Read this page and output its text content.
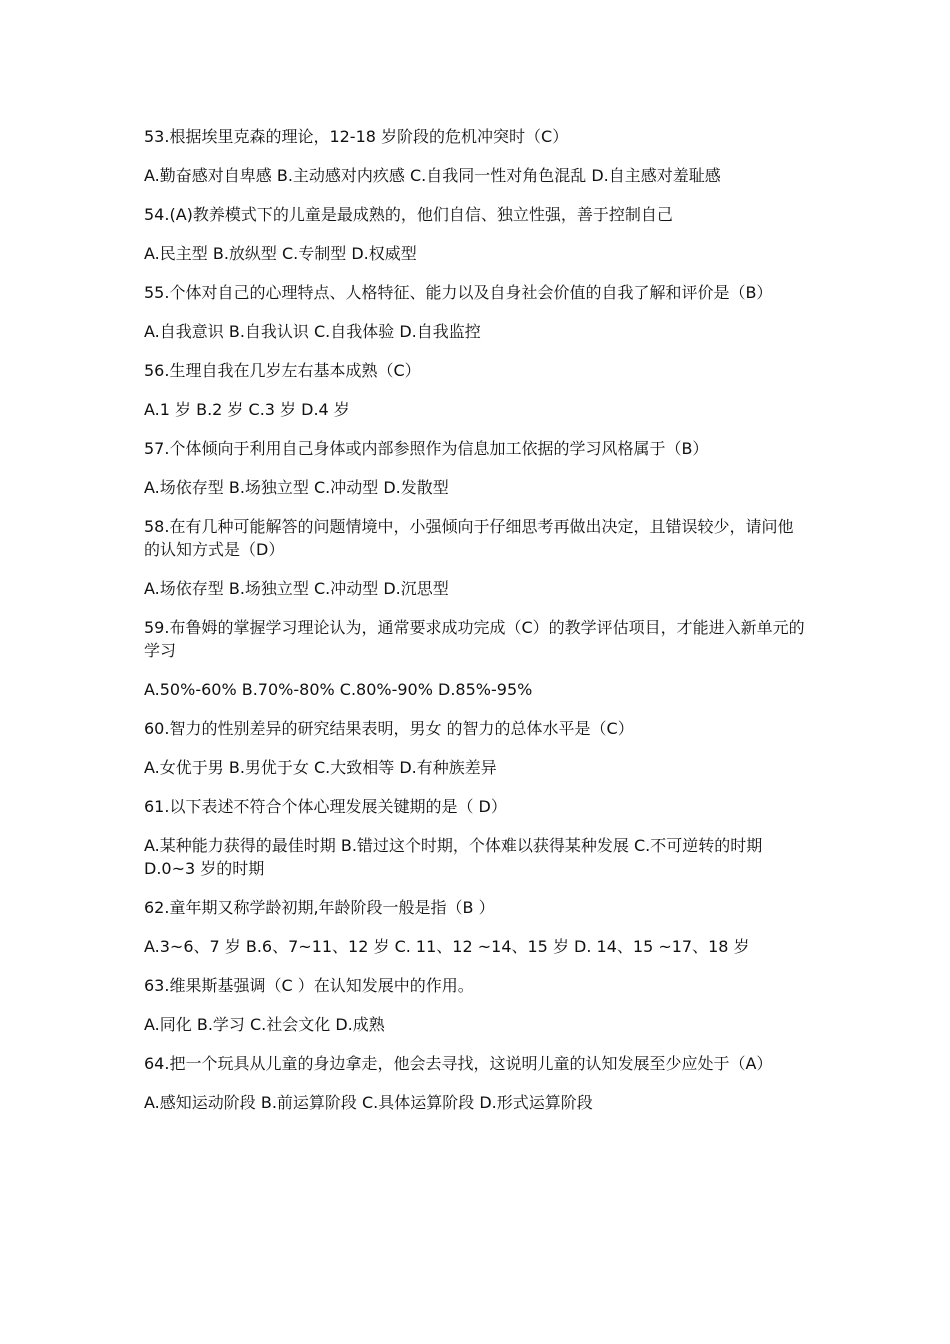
53.根据埃里克森的理论，12-18 岁阶段的危机冲突时（C）

A.勤奋感对自卑感 B.主动感对内疚感 C.自我同一性对角色混乱 D.自主感对羞耻感

54.(A)教养模式下的儿童是最成熟的，他们自信、独立性强，善于控制自己

A.民主型 B.放纵型 C.专制型 D.权威型

55.个体对自己的心理特点、人格特征、能力以及自身社会价值的自我了解和评价是（B）

A.自我意识 B.自我认识 C.自我体验 D.自我监控

56.生理自我在几岁左右基本成熟（C）

A.1 岁 B.2 岁 C.3 岁 D.4 岁

57.个体倾向于利用自己身体或内部参照作为信息加工依据的学习风格属于（B）

A.场依存型 B.场独立型 C.冲动型 D.发散型

58.在有几种可能解答的问题情境中，小强倾向于仔细思考再做出决定，且错误较少，请问他的认知方式是（D）

A.场依存型 B.场独立型 C.冲动型 D.沉思型

59.布鲁姆的掌握学习理论认为，通常要求成功完成（C）的教学评估项目，才能进入新单元的学习

A.50%-60% B.70%-80% C.80%-90% D.85%-95%

60.智力的性别差异的研究结果表明，男女 的智力的总体水平是（C）

A.女优于男 B.男优于女 C.大致相等 D.有种族差异

61.以下表述不符合个体心理发展关键期的是（ D）

A.某种能力获得的最佳时期 B.错过这个时期，个体难以获得某种发展 C.不可逆转的时期 D.0~3 岁的时期

62.童年期又称学龄初期,年龄阶段一般是指（B ）

A.3~6、7 岁 B.6、7~11、12 岁 C. 11、12 ~14、15 岁 D. 14、15 ~17、18 岁

63.维果斯基强调（C ）在认知发展中的作用。

A.同化 B.学习 C.社会文化 D.成熟

64.把一个玩具从儿童的身边拿走，他会去寻找，这说明儿童的认知发展至少应处于（A）

A.感知运动阶段 B.前运算阶段 C.具体运算阶段 D.形式运算阶段
